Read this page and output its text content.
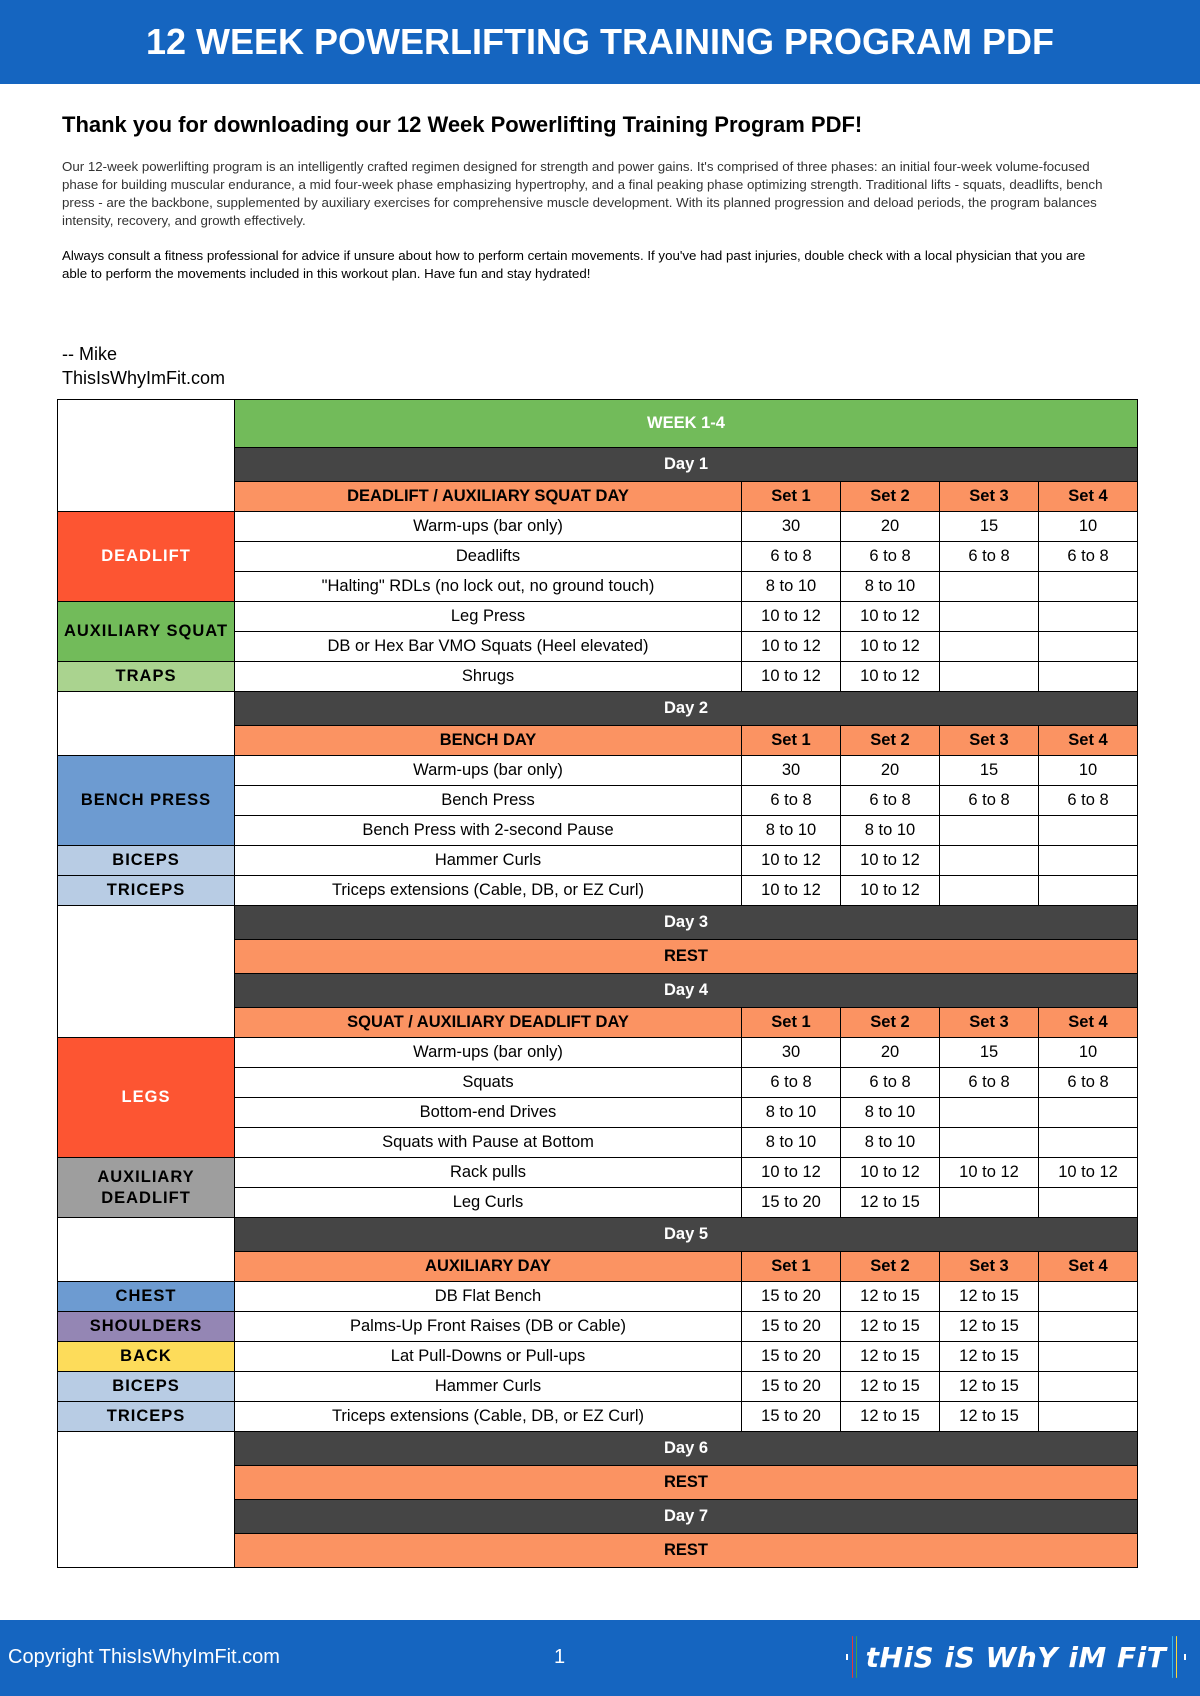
12 WEEK POWERLIFTING TRAINING PROGRAM PDF
Thank you for downloading our 12 Week Powerlifting Training Program PDF!

Our 12-week powerlifting program is an intelligently crafted regimen designed for strength and power gains. It's comprised of three phases: an initial four-week volume-focused phase for building muscular endurance, a mid four-week phase emphasizing hypertrophy, and a final peaking phase optimizing strength. Traditional lifts - squats, deadlifts, bench press - are the backbone, supplemented by auxiliary exercises for comprehensive muscle development. With its planned progression and deload periods, the program balances intensity, recovery, and growth effectively.

Always consult a fitness professional for advice if unsure about how to perform certain movements. If you've had past injuries, double check with a local physician that you are able to perform the movements included in this workout plan. Have fun and stay hydrated!

-- Mike
ThisIsWhyImFit.com
	WEEK 1-4				
	Day 1				
	DEADLIFT / AUXILIARY SQUAT DAY	Set 1	Set 2	Set 3	Set 4
DEADLIFT	Warm-ups (bar only)	30	20	15	10
	Deadlifts	6 to 8	6 to 8	6 to 8	6 to 8
	"Halting" RDLs (no lock out, no ground touch)	8 to 10	8 to 10		
AUXILIARY SQUAT	Leg Press	10 to 12	10 to 12		
	DB or Hex Bar VMO Squats (Heel elevated)	10 to 12	10 to 12		
TRAPS	Shrugs	10 to 12	10 to 12		
	Day 2				
	BENCH DAY	Set 1	Set 2	Set 3	Set 4
BENCH PRESS	Warm-ups (bar only)	30	20	15	10
	Bench Press	6 to 8	6 to 8	6 to 8	6 to 8
	Bench Press with 2-second Pause	8 to 10	8 to 10		
BICEPS	Hammer Curls	10 to 12	10 to 12		
TRICEPS	Triceps extensions (Cable, DB, or EZ Curl)	10 to 12	10 to 12		
	Day 3				
	REST				
	Day 4				
	SQUAT / AUXILIARY DEADLIFT DAY	Set 1	Set 2	Set 3	Set 4
LEGS	Warm-ups (bar only)	30	20	15	10
	Squats	6 to 8	6 to 8	6 to 8	6 to 8
	Bottom-end Drives	8 to 10	8 to 10		
	Squats with Pause at Bottom	8 to 10	8 to 10		
AUXILIARY DEADLIFT	Rack pulls	10 to 12	10 to 12	10 to 12	10 to 12
	Leg Curls	15 to 20	12 to 15		
	Day 5				
	AUXILIARY DAY	Set 1	Set 2	Set 3	Set 4
CHEST	DB Flat Bench	15 to 20	12 to 15	12 to 15	
SHOULDERS	Palms-Up Front Raises (DB or Cable)	15 to 20	12 to 15	12 to 15	
BACK	Lat Pull-Downs or Pull-ups	15 to 20	12 to 15	12 to 15	
BICEPS	Hammer Curls	15 to 20	12 to 15	12 to 15	
TRICEPS	Triceps extensions (Cable, DB, or EZ Curl)	15 to 20	12 to 15	12 to 15	
	Day 6				
	REST				
	Day 7				
	REST				
Copyright ThisIsWhyImFit.com	1	tHiS iS WhY iM FiT
